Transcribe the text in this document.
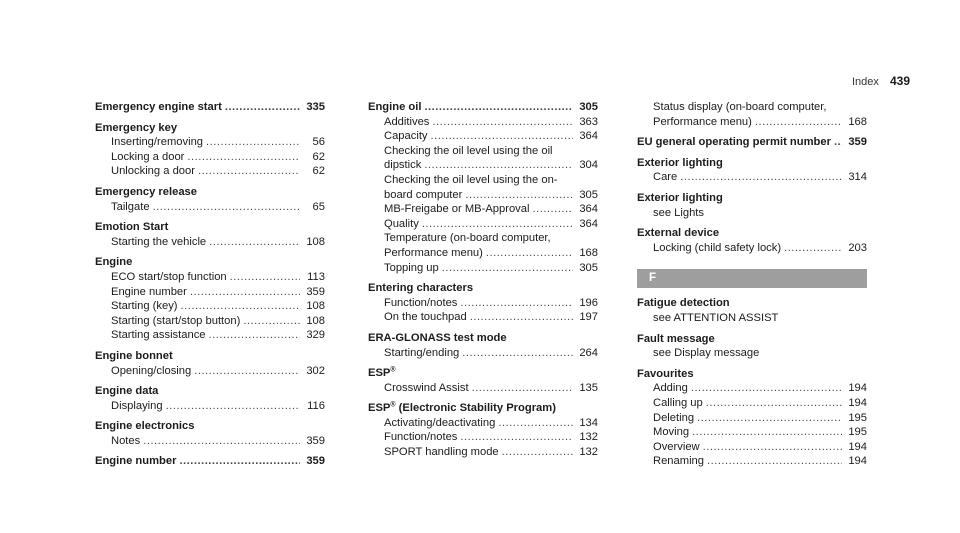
Index 439
Emergency engine start .....	335
Emergency key
Inserting/removing .....	56
Locking a door .....	62
Unlocking a door .....	62
Emergency release
Tailgate .....	65
Emotion Start
Starting the vehicle .....	108
Engine
ECO start/stop function .....	113
Engine number .....	359
Starting (key) .....	108
Starting (start/stop button) .....	108
Starting assistance .....	329
Engine bonnet
Opening/closing .....	302
Engine data
Displaying .....	116
Engine electronics
Notes .....	359
Engine number .....	359
Engine oil .....	305
Additives .....	363
Capacity .....	364
Checking the oil level using the oil
dipstick .....	304
Checking the oil level using the on-
board computer .....	305
MB-Freigabe or MB-Approval .....	364
Quality .....	364
Temperature (on-board computer,
Performance menu) .....	168
Topping up .....	305
Entering characters
Function/notes .....	196
On the touchpad .....	197
ERA-GLONASS test mode
Starting/ending .....	264
ESP®
Crosswind Assist .....	135
ESP® (Electronic Stability Program)
Activating/deactivating .....	134
Function/notes .....	132
SPORT handling mode .....	132
Status display (on-board computer,
Performance menu) .....	168
EU general operating permit number ..... 359
Exterior lighting
Care .....	314
Exterior lighting
see Lights
External device
Locking (child safety lock) .....	203
F
Fatigue detection
see ATTENTION ASSIST
Fault message
see Display message
Favourites
Adding .....	194
Calling up .....	194
Deleting .....	195
Moving .....	195
Overview .....	194
Renaming .....	194
